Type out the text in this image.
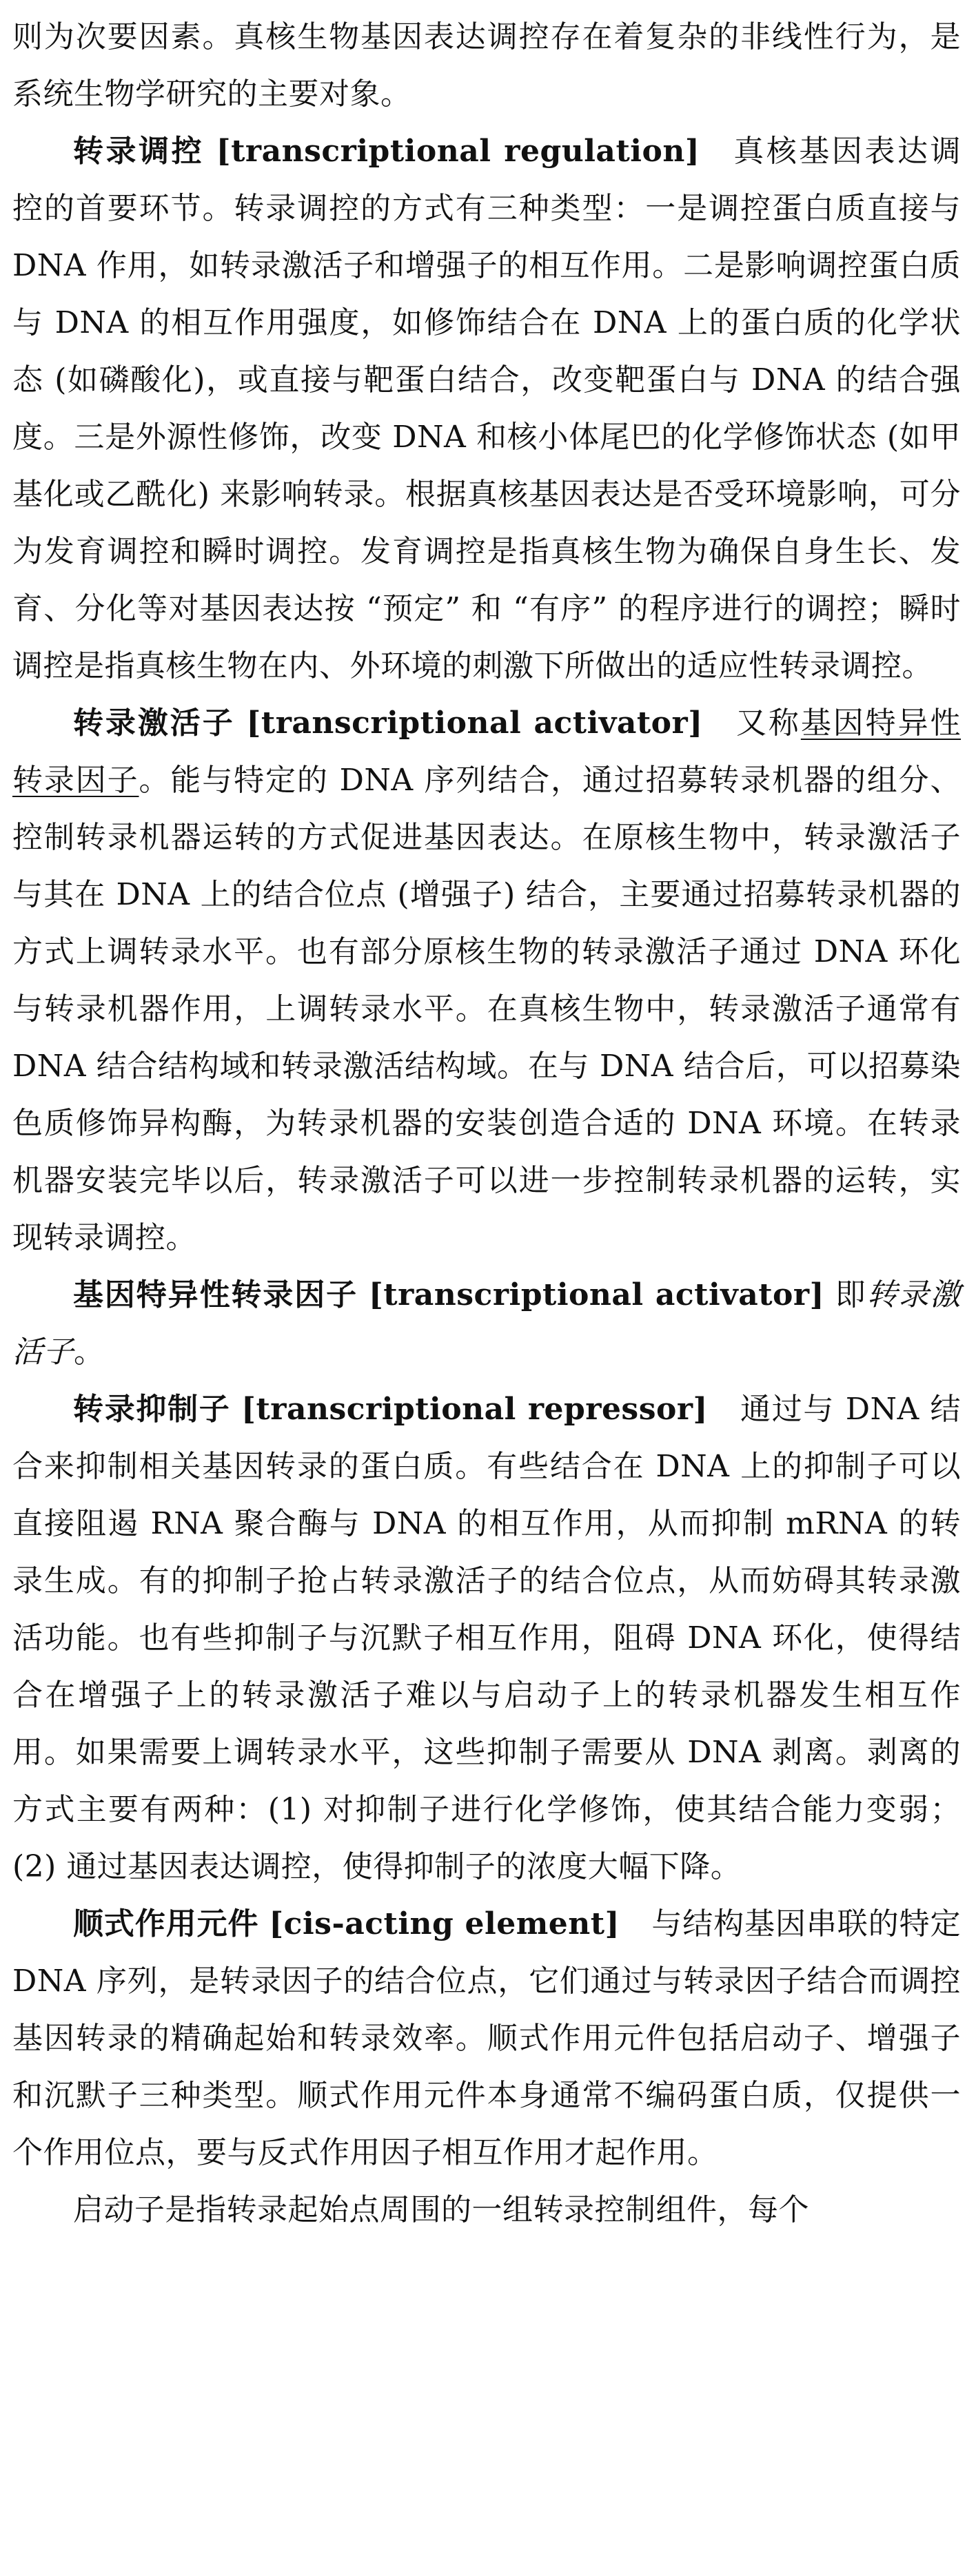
则为次要因素。真核生物基因表达调控存在着复杂的非线性行为，是系统生物学研究的主要对象。

转录调控 [transcriptional regulation] 真核基因表达调控的首要环节。转录调控的方式有三种类型：一是调控蛋白质直接与 DNA 作用，如转录激活子和增强子的相互作用。二是影响调控蛋白质与 DNA 的相互作用强度，如修饰结合在 DNA 上的蛋白质的化学状态 (如磷酸化)，或直接与靶蛋白结合，改变靶蛋白与 DNA 的结合强度。三是外源性修饰，改变 DNA 和核小体尾巴的化学修饰状态 (如甲基化或乙酰化) 来影响转录。根据真核基因表达是否受环境影响，可分为发育调控和瞬时调控。发育调控是指真核生物为确保自身生长、发育、分化等对基因表达按 “预定” 和 “有序” 的程序进行的调控；瞬时调控是指真核生物在内、外环境的刺激下所做出的适应性转录调控。

转录激活子 [transcriptional activator] 又称基因特异性转录因子。能与特定的 DNA 序列结合，通过招募转录机器的组分、控制转录机器运转的方式促进基因表达。在原核生物中，转录激活子与其在 DNA 上的结合位点 (增强子) 结合，主要通过招募转录机器的方式上调转录水平。也有部分原核生物的转录激活子通过 DNA 环化与转录机器作用，上调转录水平。在真核生物中，转录激活子通常有 DNA 结合结构域和转录激活结构域。在与 DNA 结合后，可以招募染色质修饰异构酶，为转录机器的安装创造合适的 DNA 环境。在转录机器安装完毕以后，转录激活子可以进一步控制转录机器的运转，实现转录调控。

基因特异性转录因子 [transcriptional activator] 即转录激活子。

转录抑制子 [transcriptional repressor] 通过与 DNA 结合来抑制相关基因转录的蛋白质。有些结合在 DNA 上的抑制子可以直接阻遏 RNA 聚合酶与 DNA 的相互作用，从而抑制 mRNA 的转录生成。有的抑制子抢占转录激活子的结合位点，从而妨碍其转录激活功能。也有些抑制子与沉默子相互作用，阻碍 DNA 环化，使得结合在增强子上的转录激活子难以与启动子上的转录机器发生相互作用。如果需要上调转录水平，这些抑制子需要从 DNA 剥离。剥离的方式主要有两种：(1) 对抑制子进行化学修饰，使其结合能力变弱；(2) 通过基因表达调控，使得抑制子的浓度大幅下降。

顺式作用元件 [cis-acting element] 与结构基因串联的特定 DNA 序列，是转录因子的结合位点，它们通过与转录因子结合而调控基因转录的精确起始和转录效率。顺式作用元件包括启动子、增强子和沉默子三种类型。顺式作用元件本身通常不编码蛋白质，仅提供一个作用位点，要与反式作用因子相互作用才起作用。

启动子是指转录起始点周围的一组转录控制组件，每个
